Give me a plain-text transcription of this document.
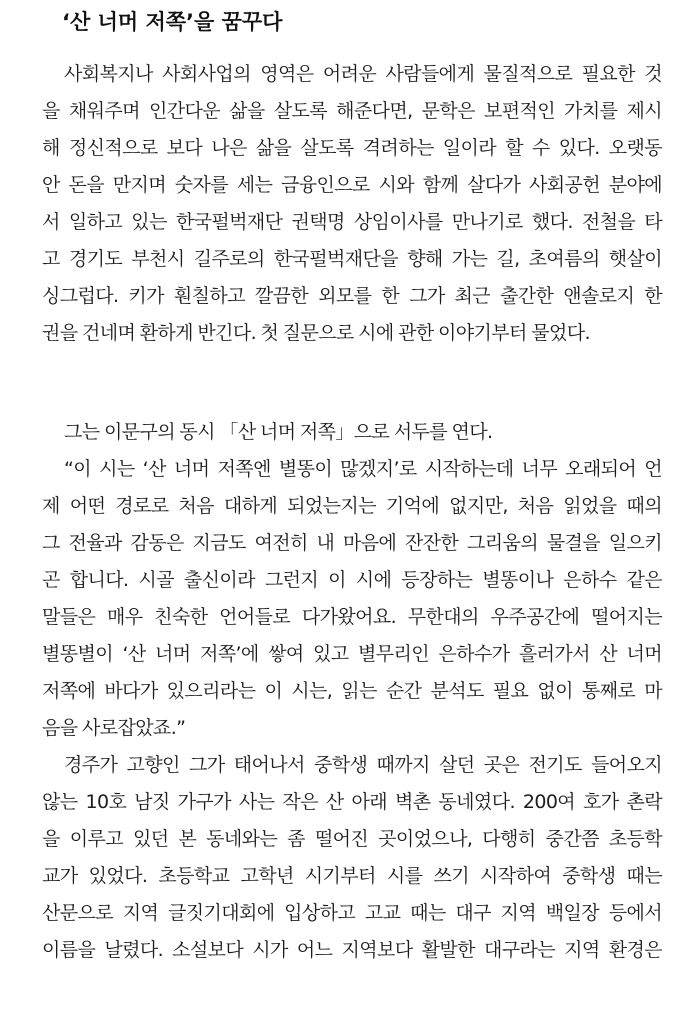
‘산 너머 저쪽’을 꿈꾸다
사회복지나 사회사업의 영역은 어려운 사람들에게 물질적으로 필요한 것
을 채워주며 인간다운 삶을 살도록 해준다면, 문학은 보편적인 가치를 제시
해 정신적으로 보다 나은 삶을 살도록 격려하는 일이라 할 수 있다. 오랫동
안 돈을 만지며 숫자를 세는 금융인으로 시와 함께 살다가 사회공헌 분야에
서 일하고 있는 한국펄벅재단 권택명 상임이사를 만나기로 했다. 전철을 타
고 경기도 부천시 길주로의 한국펄벅재단을 향해 가는 길, 초여름의 햇살이
싱그럽다. 키가 훤칠하고 깔끔한 외모를 한 그가 최근 출간한 앤솔로지 한
권을 건네며 환하게 반긴다. 첫 질문으로 시에 관한 이야기부터 물었다.
그는 이문구의 동시 「산 너머 저쪽」으로 서두를 연다.
“이 시는 ‘산 너머 저쪽엔 별똥이 많겠지’로 시작하는데 너무 오래되어 언
제 어떤 경로로 처음 대하게 되었는지는 기억에 없지만, 처음 읽었을 때의
그 전율과 감동은 지금도 여전히 내 마음에 잔잔한 그리움의 물결을 일으키
곤 합니다. 시골 출신이라 그런지 이 시에 등장하는 별똥이나 은하수 같은
말들은 매우 친숙한 언어들로 다가왔어요. 무한대의 우주공간에 떨어지는
별똥별이 ‘산 너머 저쪽’에 쌓여 있고 별무리인 은하수가 흘러가서 산 너머
저쪽에 바다가 있으리라는 이 시는, 읽는 순간 분석도 필요 없이 통째로 마
음을 사로잡았죠.”
경주가 고향인 그가 태어나서 중학생 때까지 살던 곳은 전기도 들어오지
않는 10호 남짓 가구가 사는 작은 산 아래 벽촌 동네였다. 200여 호가 촌락
을 이루고 있던 본 동네와는 좀 떨어진 곳이었으나, 다행히 중간쯤 초등학
교가 있었다. 초등학교 고학년 시기부터 시를 쓰기 시작하여 중학생 때는
산문으로 지역 글짓기대회에 입상하고 고교 때는 대구 지역 백일장 등에서
이름을 날렸다. 소설보다 시가 어느 지역보다 활발한 대구라는 지역 환경은
